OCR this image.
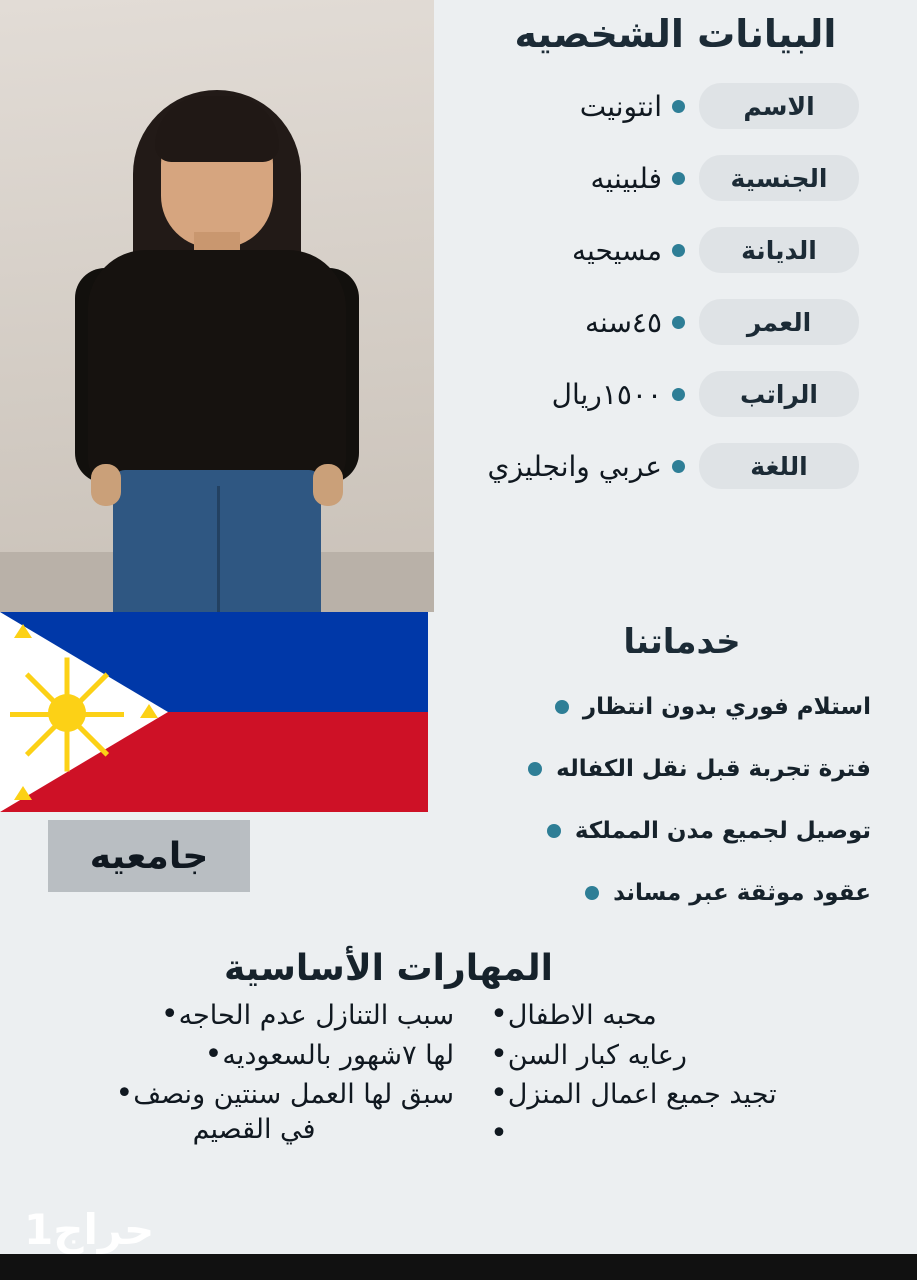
جامعيه
البيانات الشخصيه
الاسم
انتونيت
الجنسية
فلبينيه
الديانة
مسيحيه
العمر
٤٥سنه
الراتب
١٥٠٠ريال
اللغة
عربي وانجليزي
خدماتنا
استلام فوري بدون انتظار
فترة تجربة قبل نقل الكفاله
توصيل لجميع مدن المملكة
عقود موثقة عبر مساند
المهارات الأساسية
محبه الاطفال
•
رعايه كبار السن
•
تجيد جميع اعمال المنزل
•
•
سبب التنازل عدم الحاجه
•
لها ٧شهور بالسعوديه
•
سبق لها العمل سنتين ونصف
•
في القصيم
حراج1
